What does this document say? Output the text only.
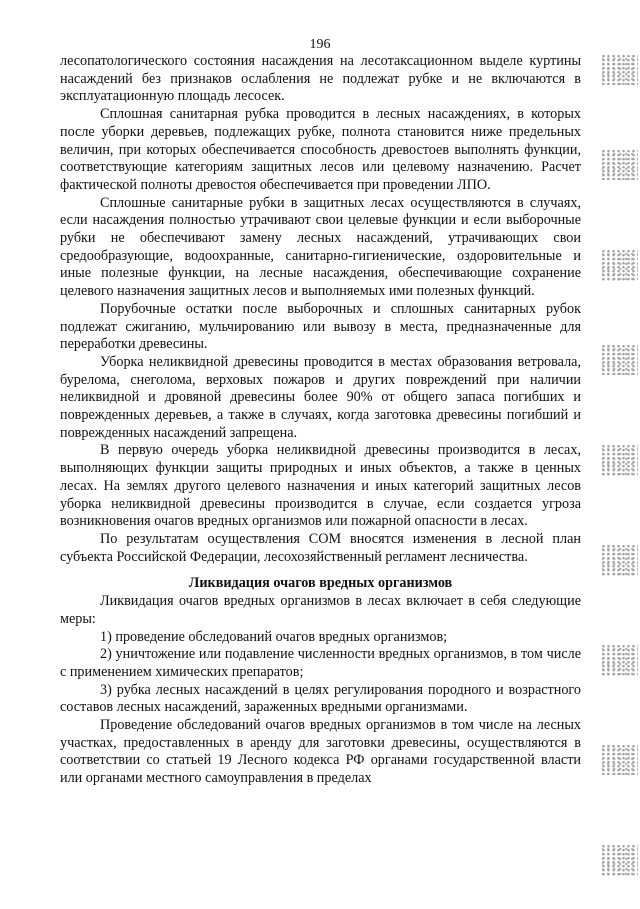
196

лесопатологического состояния насаждения на лесотаксационном выделе куртины насаждений без признаков ослабления не подлежат рубке и не включаются в эксплуатационную площадь лесосек.

Сплошная санитарная рубка проводится в лесных насаждениях, в которых после уборки деревьев, подлежащих рубке, полнота становится ниже предельных величин, при которых обеспечивается способность древостоев выполнять функции, соответствующие категориям защитных лесов или целевому назначению. Расчет фактической полноты древостоя обеспечивается при проведении ЛПО.

Сплошные санитарные рубки в защитных лесах осуществляются в случаях, если насаждения полностью утрачивают свои целевые функции и если выборочные рубки не обеспечивают замену лесных насаждений, утрачивающих свои средообразующие, водоохранные, санитарно-гигиенические, оздоровительные и иные полезные функции, на лесные насаждения, обеспечивающие сохранение целевого назначения защитных лесов и выполняемых ими полезных функций.

Порубочные остатки после выборочных и сплошных санитарных рубок подлежат сжиганию, мульчированию или вывозу в места, предназначенные для переработки древесины.

Уборка неликвидной древесины проводится в местах образования ветровала, бурелома, снеголома, верховых пожаров и других повреждений при наличии неликвидной и дровяной древесины более 90% от общего запаса погибших и поврежденных деревьев, а также в случаях, когда заготовка древесины погибший и поврежденных насаждений запрещена.

В первую очередь уборка неликвидной древесины производится в лесах, выполняющих функции защиты природных и иных объектов, а также в ценных лесах. На землях другого целевого назначения и иных категорий защитных лесов уборка неликвидной древесины производится в случае, если создается угроза возникновения очагов вредных организмов или пожарной опасности в лесах.

По результатам осуществления СОМ вносятся изменения в лесной план субъекта Российской Федерации, лесохозяйственный регламент лесничества.

Ликвидация очагов вредных организмов

Ликвидация очагов вредных организмов в лесах включает в себя следующие меры:

1) проведение обследований очагов вредных организмов;

2) уничтожение или подавление численности вредных организмов, в том числе с применением химических препаратов;

3) рубка лесных насаждений в целях регулирования породного и возрастного составов лесных насаждений, зараженных вредными организмами.

Проведение обследований очагов вредных организмов в том числе на лесных участках, предоставленных в аренду для заготовки древесины, осуществляются в соответствии со статьей 19 Лесного кодекса РФ органами государственной власти или органами местного самоуправления в пределах
